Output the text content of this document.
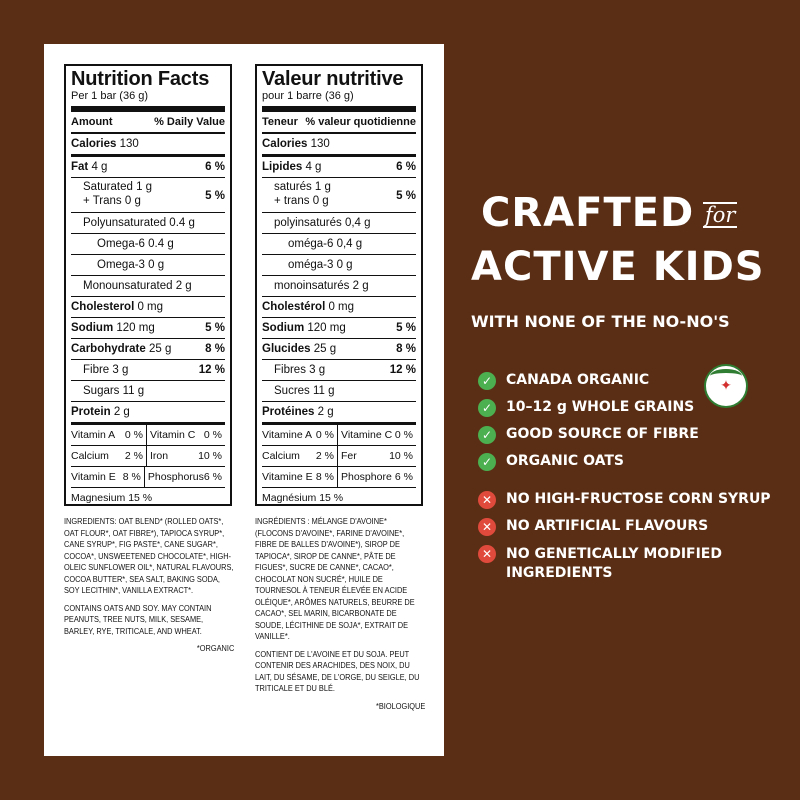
Nutrition Facts
Per 1 bar (36 g)
Amount	% Daily Value
Calories 130
Fat 4 g	6 %
Saturated 1 g
+ Trans 0 g	5 %
Polyunsaturated 0.4 g
Omega-6 0.4 g
Omega-3 0 g
Monounsaturated 2 g
Cholesterol 0 mg
Sodium 120 mg	5 %
Carbohydrate 25 g	8 %
Fibre 3 g	12 %
Sugars 11 g
Protein 2 g
Vitamin A 0 % Vitamin C 0 %
Calcium 2 % Iron	10 %
Vitamin E 8 % Phosphorus 6 %
Magnesium 15 %
Valeur nutritive
pour 1 barre (36 g)
Teneur % valeur quotidienne
Calories 130
Lipides 4 g	6 %
saturés 1 g
+ trans 0 g	5 %
polyinsaturés 0,4 g
oméga-6 0,4 g
oméga-3 0 g
monoinsaturés 2 g
Cholestérol 0 mg
Sodium 120 mg	5 %
Glucides 25 g	8 %
Fibres 3 g	12 %
Sucres 11 g
Protéines 2 g
Vitamine A 0 % Vitamine C 0 %
Calcium 2 % Fer	10 %
Vitamine E 8 % Phosphore 6 %
Magnésium 15 %

INGREDIENTS: OAT BLEND* (ROLLED OATS*, OAT FLOUR*, OAT FIBRE*), TAPIOCA SYRUP*, CANE SYRUP*, FIG PASTE*, CANE SUGAR*, COCOA*, UNSWEETENED CHOCOLATE*, HIGH-OLEIC SUNFLOWER OIL*, NATURAL FLAVOURS, COCOA BUTTER*, SEA SALT, BAKING SODA, SOY LECITHIN*, VANILLA EXTRACT*.

CONTAINS OATS AND SOY. MAY CONTAIN PEANUTS, TREE NUTS, MILK, SESAME, BARLEY, RYE, TRITICALE, AND WHEAT.

*ORGANIC

INGRÉDIENTS : MÉLANGE D'AVOINE* (FLOCONS D'AVOINE*, FARINE D'AVOINE*, FIBRE DE BALLES D'AVOINE*), SIROP DE TAPIOCA*, SIROP DE CANNE*, PÂTE DE FIGUES*, SUCRE DE CANNE*, CACAO*, CHOCOLAT NON SUCRÉ*, HUILE DE TOURNESOL À TENEUR ÉLEVÉE EN ACIDE OLÉIQUE*, ARÔMES NATURELS, BEURRE DE CACAO*, SEL MARIN, BICARBONATE DE SOUDE, LÉCITHINE DE SOJA*, EXTRAIT DE VANILLE*.

CONTIENT DE L'AVOINE ET DU SOJA. PEUT CONTENIR DES ARACHIDES, DES NOIX, DU LAIT, DU SÉSAME, DE L'ORGE, DU SEIGLE, DU TRITICALE ET DU BLÉ.

*BIOLOGIQUE
CRAFTED for
ACTIVE KIDS
WITH NONE OF THE NO-NO'S
✓ CANADA ORGANIC
✓ 10–12 g WHOLE GRAINS
✓ GOOD SOURCE OF FIBRE
✓ ORGANIC OATS
✕ NO HIGH-FRUCTOSE CORN SYRUP
✕ NO ARTIFICIAL FLAVOURS
✕ NO GENETICALLY MODIFIED
INGREDIENTS
✦
